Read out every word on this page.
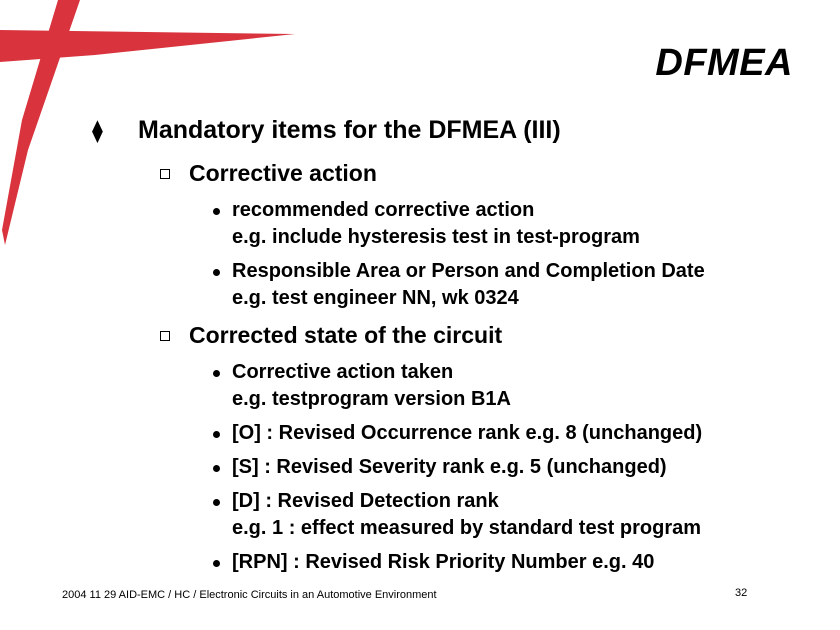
DFMEA
⧫ Mandatory items for the DFMEA (III)
Corrective action
recommended corrective action
e.g. include hysteresis test in test-program
Responsible Area or Person and Completion Date
e.g. test engineer NN, wk 0324
Corrected state of the circuit
Corrective action taken
e.g. testprogram version B1A
[O] : Revised Occurrence rank e.g. 8 (unchanged)
[S] : Revised Severity rank e.g. 5 (unchanged)
[D] : Revised Detection rank
e.g. 1 : effect measured by standard test program
[RPN] : Revised Risk Priority Number e.g. 40
2004 11 29 AID-EMC / HC / Electronic Circuits in an Automotive Environment	32
